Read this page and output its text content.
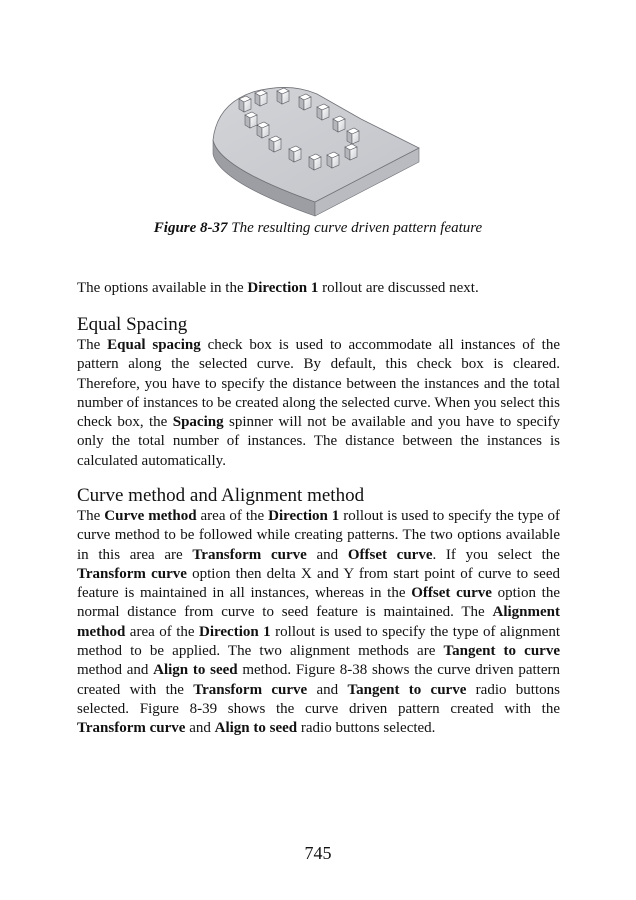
Figure 8-37 The resulting curve driven pattern feature

The options available in the Direction 1 rollout are discussed next.

Equal Spacing

The Equal spacing check box is used to accommodate all instances of the pattern along the selected curve. By default, this check box is cleared. Therefore, you have to specify the distance between the instances and the total number of instances to be created along the selected curve. When you select this check box, the Spacing spinner will not be available and you have to specify only the total number of instances. The distance between the instances is calculated automatically.

Curve method and Alignment method

The Curve method area of the Direction 1 rollout is used to specify the type of curve method to be followed while creating patterns. The two options available in this area are Transform curve and Offset curve. If you select the Transform curve option then delta X and Y from start point of curve to seed feature is maintained in all instances, whereas in the Offset curve option the normal distance from curve to seed feature is maintained. The Alignment method area of the Direction 1 rollout is used to specify the type of alignment method to be applied. The two alignment methods are Tangent to curve method and Align to seed method. Figure 8-38 shows the curve driven pattern created with the Transform curve and Tangent to curve radio buttons selected. Figure 8-39 shows the curve driven pattern created with the Transform curve and Align to seed radio buttons selected.

745
